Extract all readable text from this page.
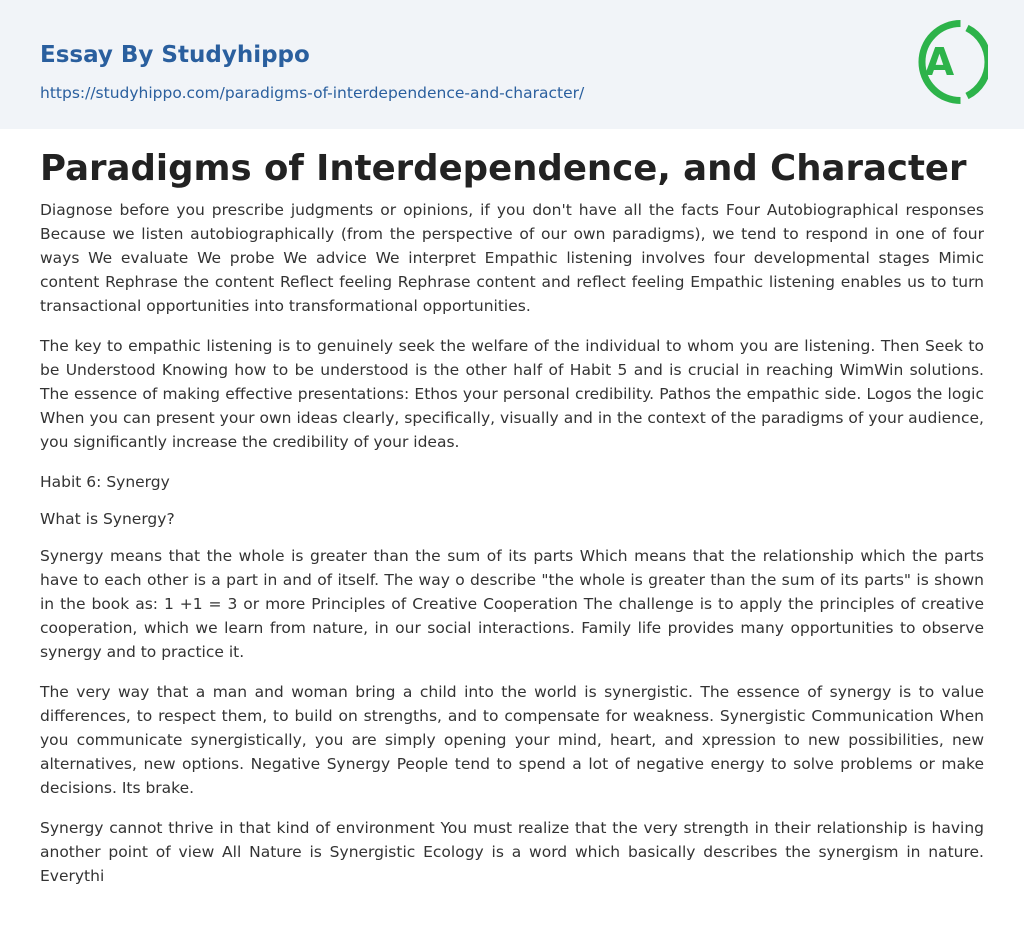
Essay By Studyhippo
https://studyhippo.com/paradigms-of-interdependence-and-character/
A
Paradigms of Interdependence, and Character

Diagnose before you prescribe judgments or opinions, if you don't have all the facts Four Autobiographical responses Because we listen autobiographically (from the perspective of our own paradigms), we tend to respond in one of four ways We evaluate We probe We advice We interpret Empathic listening involves four developmental stages Mimic content Rephrase the content Reflect feeling Rephrase content and reflect feeling Empathic listening enables us to turn transactional opportunities into transformational opportunities.

The key to empathic listening is to genuinely seek the welfare of the individual to whom you are listening. Then Seek to be Understood Knowing how to be understood is the other half of Habit 5 and is crucial in reaching WimWin solutions. The essence of making effective presentations: Ethos your personal credibility. Pathos the empathic side. Logos the logic When you can present your own ideas clearly, specifically, visually and in the context of the paradigms of your audience, you significantly increase the credibility of your ideas.

Habit 6: Synergy

What is Synergy?

Synergy means that the whole is greater than the sum of its parts Which means that the relationship which the parts have to each other is a part in and of itself. The way o describe "the whole is greater than the sum of its parts" is shown in the book as: 1 +1 = 3 or more Principles of Creative Cooperation The challenge is to apply the principles of creative cooperation, which we learn from nature, in our social interactions. Family life provides many opportunities to observe synergy and to practice it.

The very way that a man and woman bring a child into the world is synergistic. The essence of synergy is to value differences, to respect them, to build on strengths, and to compensate for weakness. Synergistic Communication When you communicate synergistically, you are simply opening your mind, heart, and xpression to new possibilities, new alternatives, new options. Negative Synergy People tend to spend a lot of negative energy to solve problems or make decisions. Its brake.

Synergy cannot thrive in that kind of environment You must realize that the very strength in their relationship is having another point of view All Nature is Synergistic Ecology is a word which basically describes the synergism in nature. Everythi
